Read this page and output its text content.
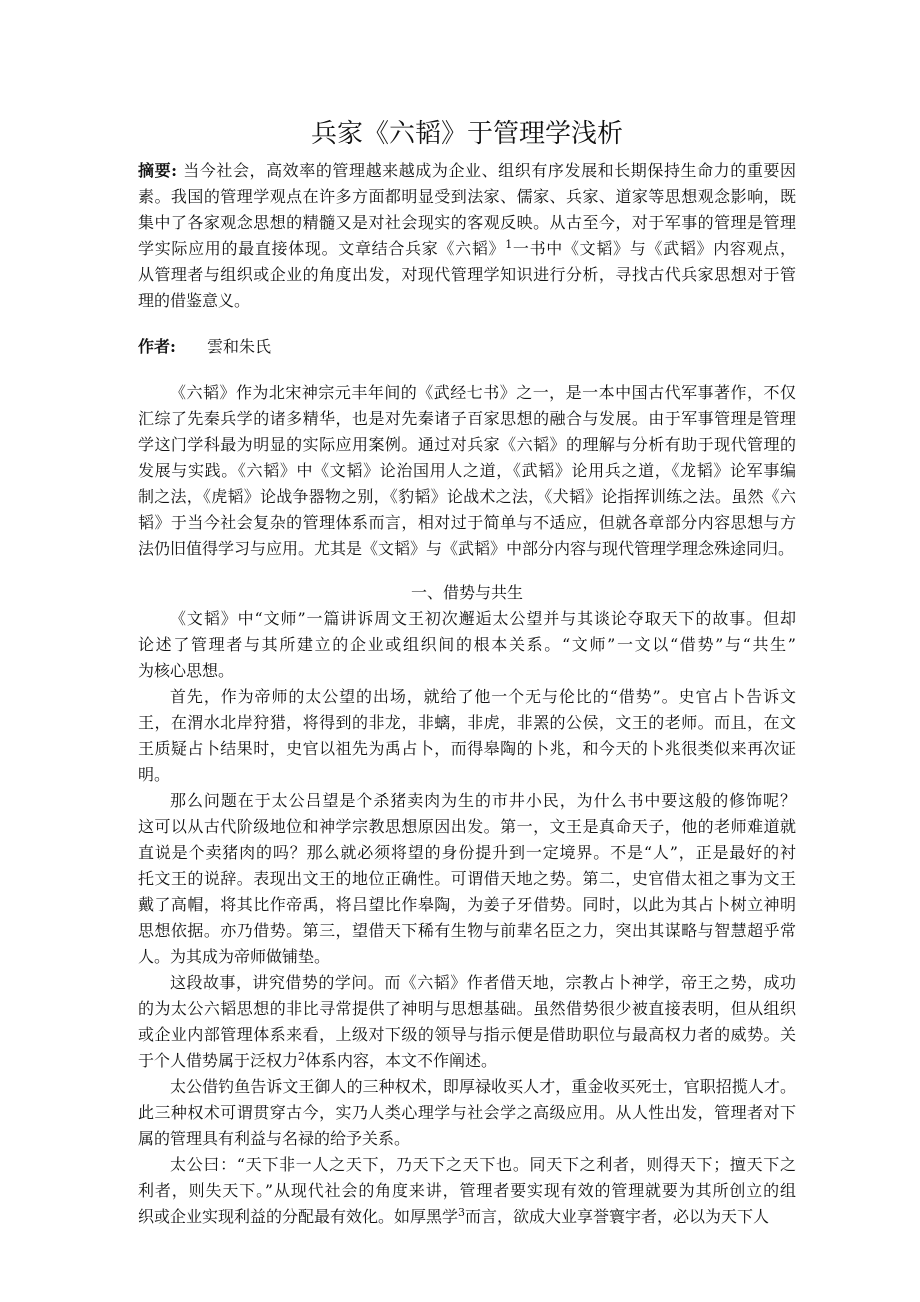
兵家《六韬》于管理学浅析
摘要: 当今社会，高效率的管理越来越成为企业、组织有序发展和长期保持生命力的重要因
素。我国的管理学观点在许多方面都明显受到法家、儒家、兵家、道家等思想观念影响，既
集中了各家观念思想的精髓又是对社会现实的客观反映。从古至今，对于军事的管理是管理
学实际应用的最直接体现。文章结合兵家《六韬》$^1$一书中《文韬》与《武韬》内容观点，
从管理者与组织或企业的角度出发，对现代管理学知识进行分析，寻找古代兵家思想对于管
理的借鉴意义。
作者: 雲和朱氏
《六韬》作为北宋神宗元丰年间的《武经七书》之一，是一本中国古代军事著作，不仅
汇综了先秦兵学的诸多精华，也是对先秦诸子百家思想的融合与发展。由于军事管理是管理
学这门学科最为明显的实际应用案例。通过对兵家《六韬》的理解与分析有助于现代管理的
发展与实践。《六韬》中《文韬》论治国用人之道，《武韬》论用兵之道，《龙韬》论军事编
制之法，《虎韬》论战争器物之别，《豹韬》论战术之法，《犬韬》论指挥训练之法。虽然《六
韬》于当今社会复杂的管理体系而言，相对过于简单与不适应，但就各章部分内容思想与方
法仍旧值得学习与应用。尤其是《文韬》与《武韬》中部分内容与现代管理学理念殊途同归。
一、借势与共生
《文韬》中“文师”一篇讲诉周文王初次邂逅太公望并与其谈论夺取天下的故事。但却
论述了管理者与其所建立的企业或组织间的根本关系。“文师”一文以“借势”与“共生”
为核心思想。
首先，作为帝师的太公望的出场，就给了他一个无与伦比的“借势”。史官占卜告诉文
王，在渭水北岸狩猎，将得到的非龙，非螭，非虎，非罴的公侯，文王的老师。而且，在文
王质疑占卜结果时，史官以祖先为禹占卜，而得皋陶的卜兆，和今天的卜兆很类似来再次证
明。
那么问题在于太公吕望是个杀猪卖肉为生的市井小民，为什么书中要这般的修饰呢？
这可以从古代阶级地位和神学宗教思想原因出发。第一，文王是真命天子，他的老师难道就
直说是个卖猪肉的吗？那么就必须将望的身份提升到一定境界。不是“人”，正是最好的衬
托文王的说辞。表现出文王的地位正确性。可谓借天地之势。第二，史官借太祖之事为文王
戴了高帽，将其比作帝禹，将吕望比作皋陶，为姜子牙借势。同时，以此为其占卜树立神明
思想依据。亦乃借势。第三，望借天下稀有生物与前辈名臣之力，突出其谋略与智慧超乎常
人。为其成为帝师做铺垫。
这段故事，讲究借势的学问。而《六韬》作者借天地，宗教占卜神学，帝王之势，成功
的为太公六韬思想的非比寻常提供了神明与思想基础。虽然借势很少被直接表明，但从组织
或企业内部管理体系来看，上级对下级的领导与指示便是借助职位与最高权力者的威势。关
于个人借势属于泛权力$^2$体系内容，本文不作阐述。
太公借钓鱼告诉文王御人的三种权术，即厚禄收买人才，重金收买死士，官职招揽人才。
此三种权术可谓贯穿古今，实乃人类心理学与社会学之高级应用。从人性出发，管理者对下
属的管理具有利益与名禄的给予关系。
太公曰：“天下非一人之天下，乃天下之天下也。同天下之利者，则得天下；擅天下之
利者，则失天下。”从现代社会的角度来讲，管理者要实现有效的管理就要为其所创立的组
织或企业实现利益的分配最有效化。如厚黑学$^3$而言，欲成大业享誉寰宇者，必以为天下人
